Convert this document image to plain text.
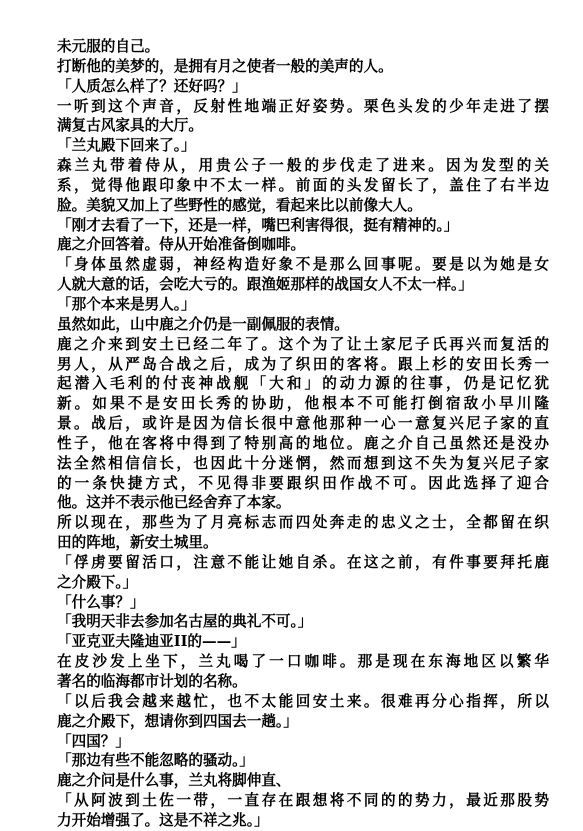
未元服的自己。
打断他的美梦的，是拥有月之使者一般的美声的人。
「人质怎么样了？还好吗？」
一听到这个声音，反射性地端正好姿势。栗色头发的少年走进了摆
满复古风家具的大厅。
「兰丸殿下回来了。」
森兰丸带着侍从，用贵公子一般的步伐走了进来。因为发型的关
系，觉得他跟印象中不太一样。前面的头发留长了，盖住了右半边
脸。美貌又加上了些野性的感觉，看起来比以前像大人。
「刚才去看了一下，还是一样，嘴巴利害得很，挺有精神的。」
鹿之介回答着。侍从开始准备倒咖啡。
「身体虽然虚弱，神经构造好象不是那么回事呢。要是以为她是女
人就大意的话，会吃大亏的。跟渔姬那样的战国女人不太一样。」
「那个本来是男人。」
虽然如此，山中鹿之介仍是一副佩服的表情。
鹿之介来到安土已经二年了。这个为了让土家尼子氏再兴而复活的
男人，从严岛合战之后，成为了织田的客将。跟上杉的安田长秀一
起潜入毛利的付丧神战舰「大和」的动力源的往事，仍是记忆犹
新。如果不是安田长秀的协助，他根本不可能打倒宿敌小早川隆
景。战后，或许是因为信长很中意他那种一心一意复兴尼子家的直
性子，他在客将中得到了特别高的地位。鹿之介自己虽然还是没办
法全然相信信长，也因此十分迷惘，然而想到这不失为复兴尼子家
的一条快捷方式，不见得非要跟织田作战不可。因此选择了迎合
他。这并不表示他已经舍弃了本家。
所以现在，那些为了月亮标志而四处奔走的忠义之士，全都留在织
田的阵地，新安土城里。
「俘虏要留活口，注意不能让她自杀。在这之前，有件事要拜托鹿
之介殿下。」
「什么事？」
「我明天非去参加名古屋的典礼不可。」
「亚克亚夫隆迪亚II的——」
在皮沙发上坐下，兰丸喝了一口咖啡。那是现在东海地区以繁华
著名的临海都市计划的名称。
「以后我会越来越忙，也不太能回安土来。很难再分心指挥，所以
鹿之介殿下，想请你到四国去一趟。」
「四国？」
「那边有些不能忽略的骚动。」
鹿之介问是什么事，兰丸将脚伸直、
「从阿波到土佐一带，一直存在跟想将不同的的势力，最近那股势
力开始增强了。这是不祥之兆。」
